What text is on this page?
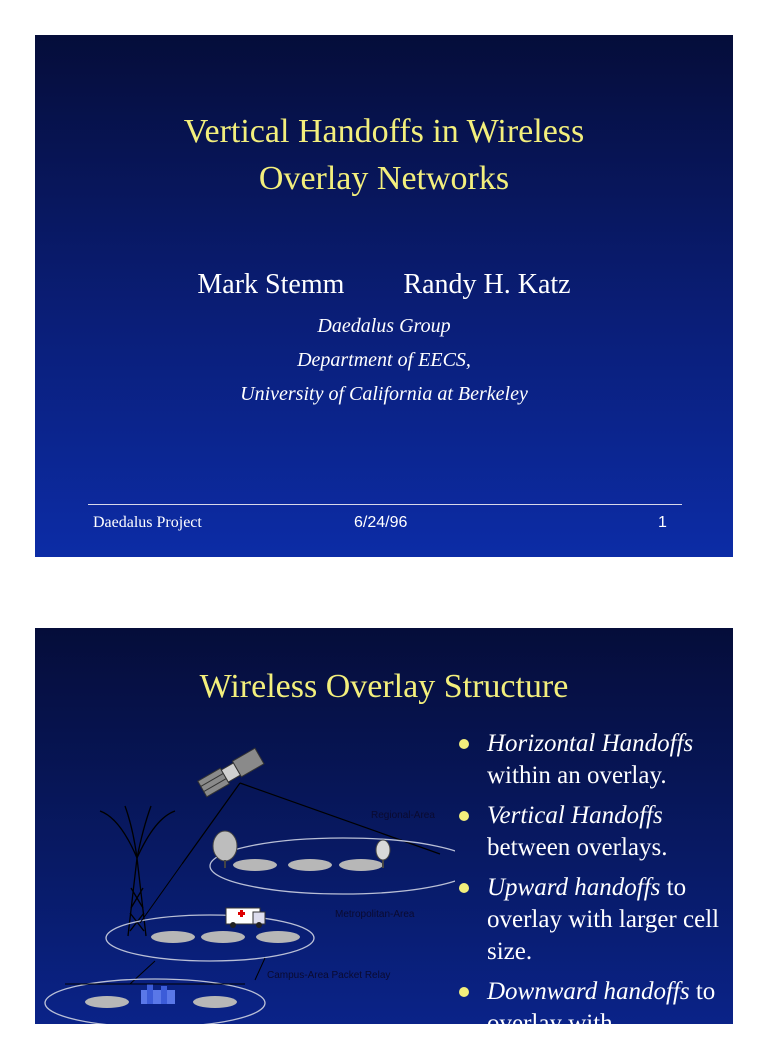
Vertical Handoffs in Wireless
Overlay Networks
Mark Stemm Randy H. Katz
Daedalus Group
Department of EECS,
University of California at Berkeley
Daedalus Project	6/24/96	1
Wireless Overlay Structure
Regional-Area
Metropolitan-Area
Campus-Area Packet Relay
Horizontal Handoffs within an overlay.
Vertical Handoffs between overlays.
Upward handoffs to overlay with larger cell size.
Downward handoffs to overlay with
